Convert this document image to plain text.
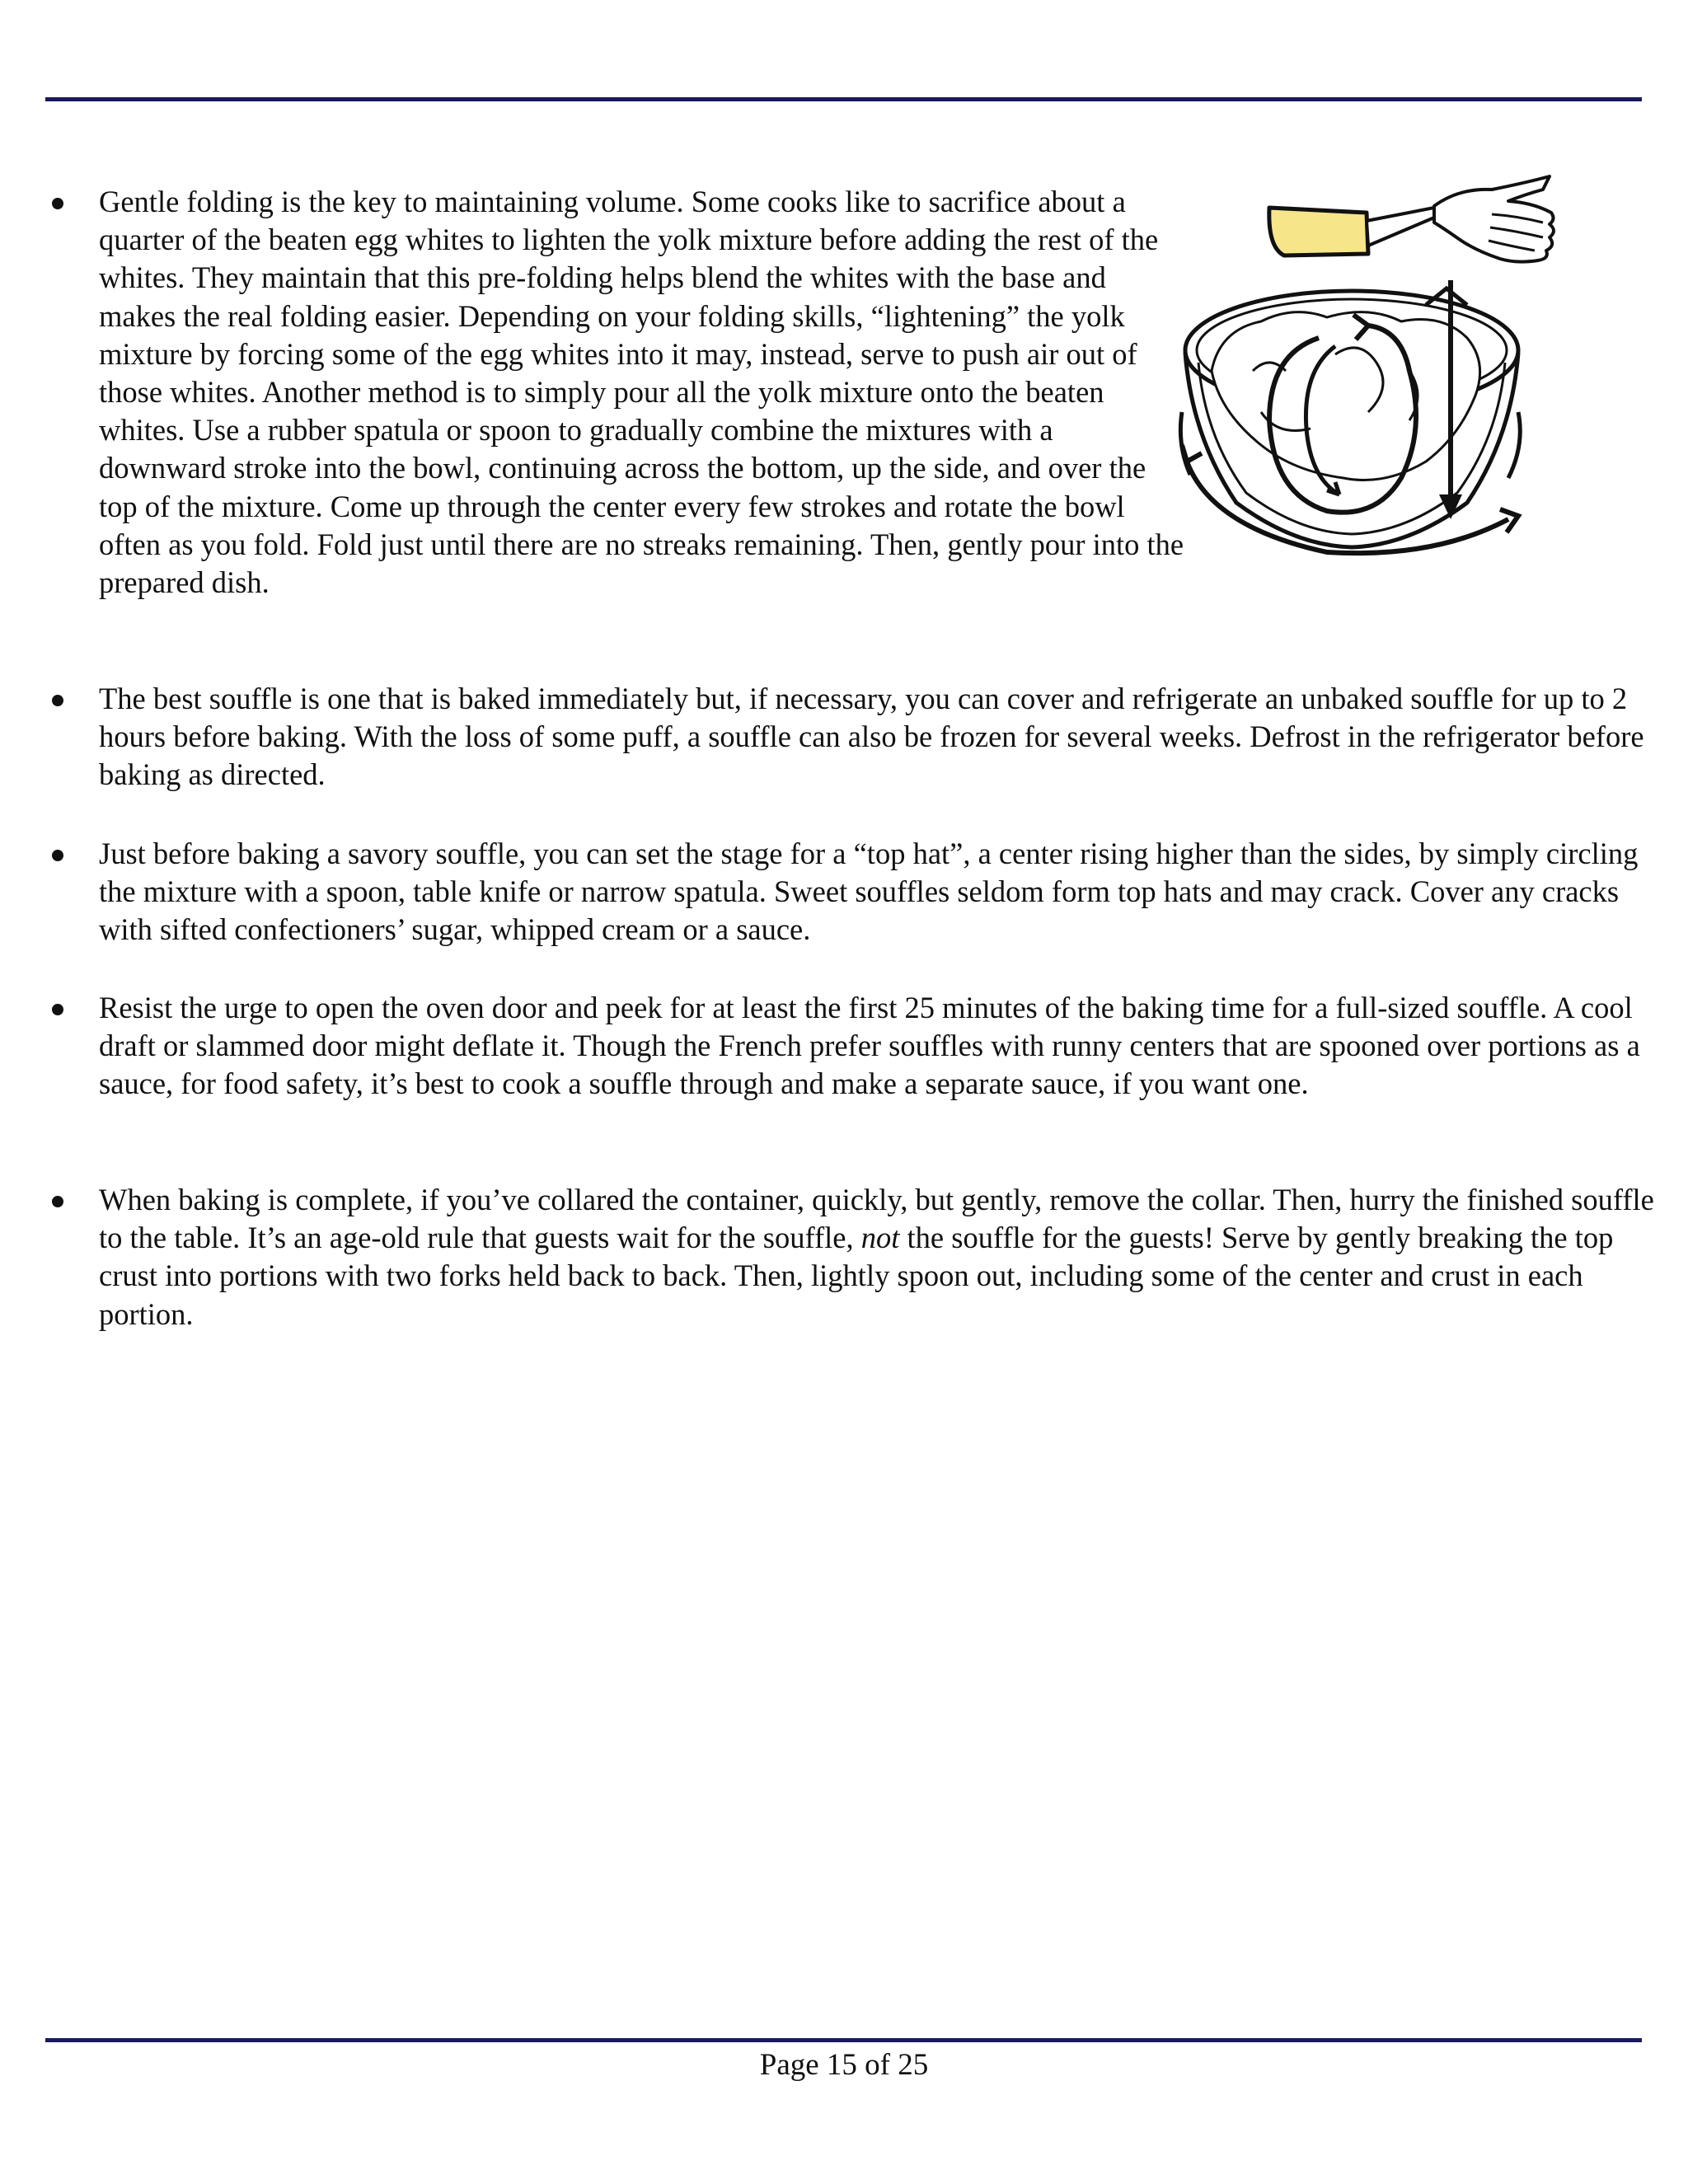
Gentle folding is the key to maintaining volume. Some cooks like to sacrifice about a quarter of the beaten egg whites to lighten the yolk mixture before adding the rest of the whites. They maintain that this pre-folding helps blend the whites with the base and makes the real folding easier. Depending on your folding skills, “lightening” the yolk mixture by forcing some of the egg whites into it may, instead, serve to push air out of those whites. Another method is to simply pour all the yolk mixture onto the beaten whites. Use a rubber spatula or spoon to gradually combine the mixtures with a downward stroke into the bowl, continuing across the bottom, up the side, and over the top of the mixture. Come up through the center every few strokes and rotate the bowl often as you fold. Fold just until there are no streaks remaining. Then, gently pour into the prepared dish.

The best souffle is one that is baked immediately but, if necessary, you can cover and refrigerate an unbaked souffle for up to 2 hours before baking. With the loss of some puff, a souffle can also be frozen for several weeks. Defrost in the refrigerator before baking as directed.

Just before baking a savory souffle, you can set the stage for a “top hat”, a center rising higher than the sides, by simply circling the mixture with a spoon, table knife or narrow spatula. Sweet souffles seldom form top hats and may crack. Cover any cracks with sifted confectioners’ sugar, whipped cream or a sauce.

Resist the urge to open the oven door and peek for at least the first 25 minutes of the baking time for a full-sized souffle. A cool draft or slammed door might deflate it. Though the French prefer souffles with runny centers that are spooned over portions as a sauce, for food safety, it’s best to cook a souffle through and make a separate sauce, if you want one.

When baking is complete, if you’ve collared the container, quickly, but gently, remove the collar. Then, hurry the finished souffle to the table. It’s an age-old rule that guests wait for the souffle, not the souffle for the guests! Serve by gently breaking the top crust into portions with two forks held back to back. Then, lightly spoon out, including some of the center and crust in each portion.

Page 15 of 25
